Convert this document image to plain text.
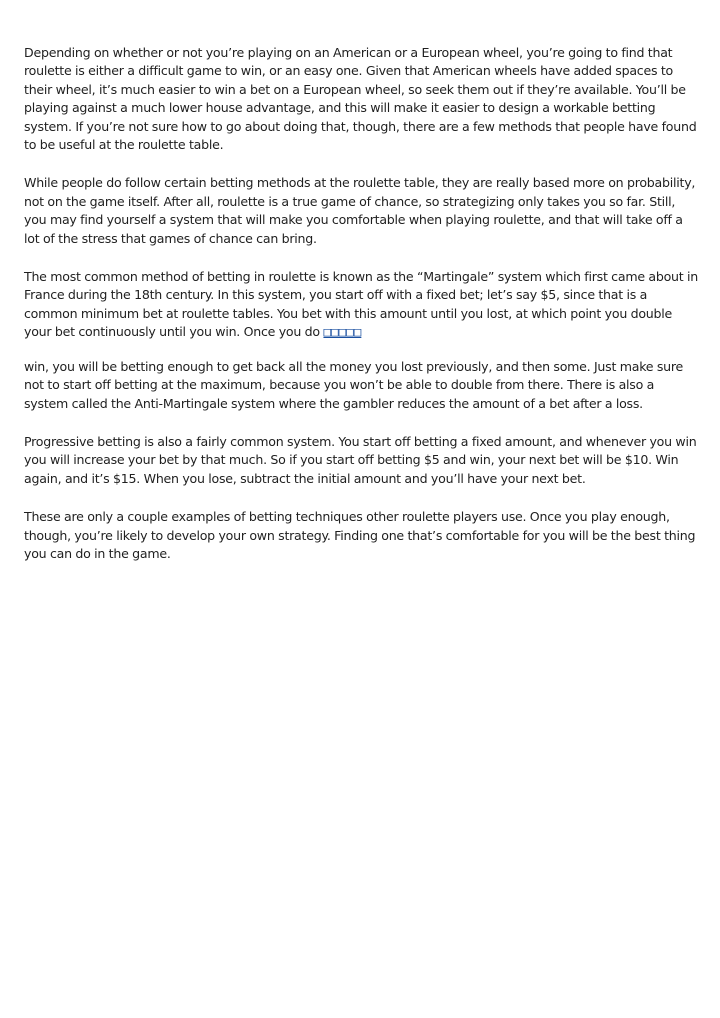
Depending on whether or not you’re playing on an American or a European wheel, you’re going to find that roulette is either a difficult game to win, or an easy one. Given that American wheels have added spaces to their wheel, it’s much easier to win a bet on a European wheel, so seek them out if they’re available. You’ll be playing against a much lower house advantage, and this will make it easier to design a workable betting system. If you’re not sure how to go about doing that, though, there are a few methods that people have found to be useful at the roulette table.

While people do follow certain betting methods at the roulette table, they are really based more on probability, not on the game itself. After all, roulette is a true game of chance, so strategizing only takes you so far. Still, you may find yourself a system that will make you comfortable when playing roulette, and that will take off a lot of the stress that games of chance can bring.

The most common method of betting in roulette is known as the “Martingale” system which first came about in France during the 18th century. In this system, you start off with a fixed bet; let’s say $5, since that is a common minimum bet at roulette tables. You bet with this amount until you lost, at which point you double your bet continuously until you win. Once you do □□□□□

win, you will be betting enough to get back all the money you lost previously, and then some. Just make sure not to start off betting at the maximum, because you won’t be able to double from there. There is also a system called the Anti-Martingale system where the gambler reduces the amount of a bet after a loss.

Progressive betting is also a fairly common system. You start off betting a fixed amount, and whenever you win you will increase your bet by that much. So if you start off betting $5 and win, your next bet will be $10. Win again, and it’s $15. When you lose, subtract the initial amount and you’ll have your next bet.

These are only a couple examples of betting techniques other roulette players use. Once you play enough, though, you’re likely to develop your own strategy. Finding one that’s comfortable for you will be the best thing you can do in the game.
